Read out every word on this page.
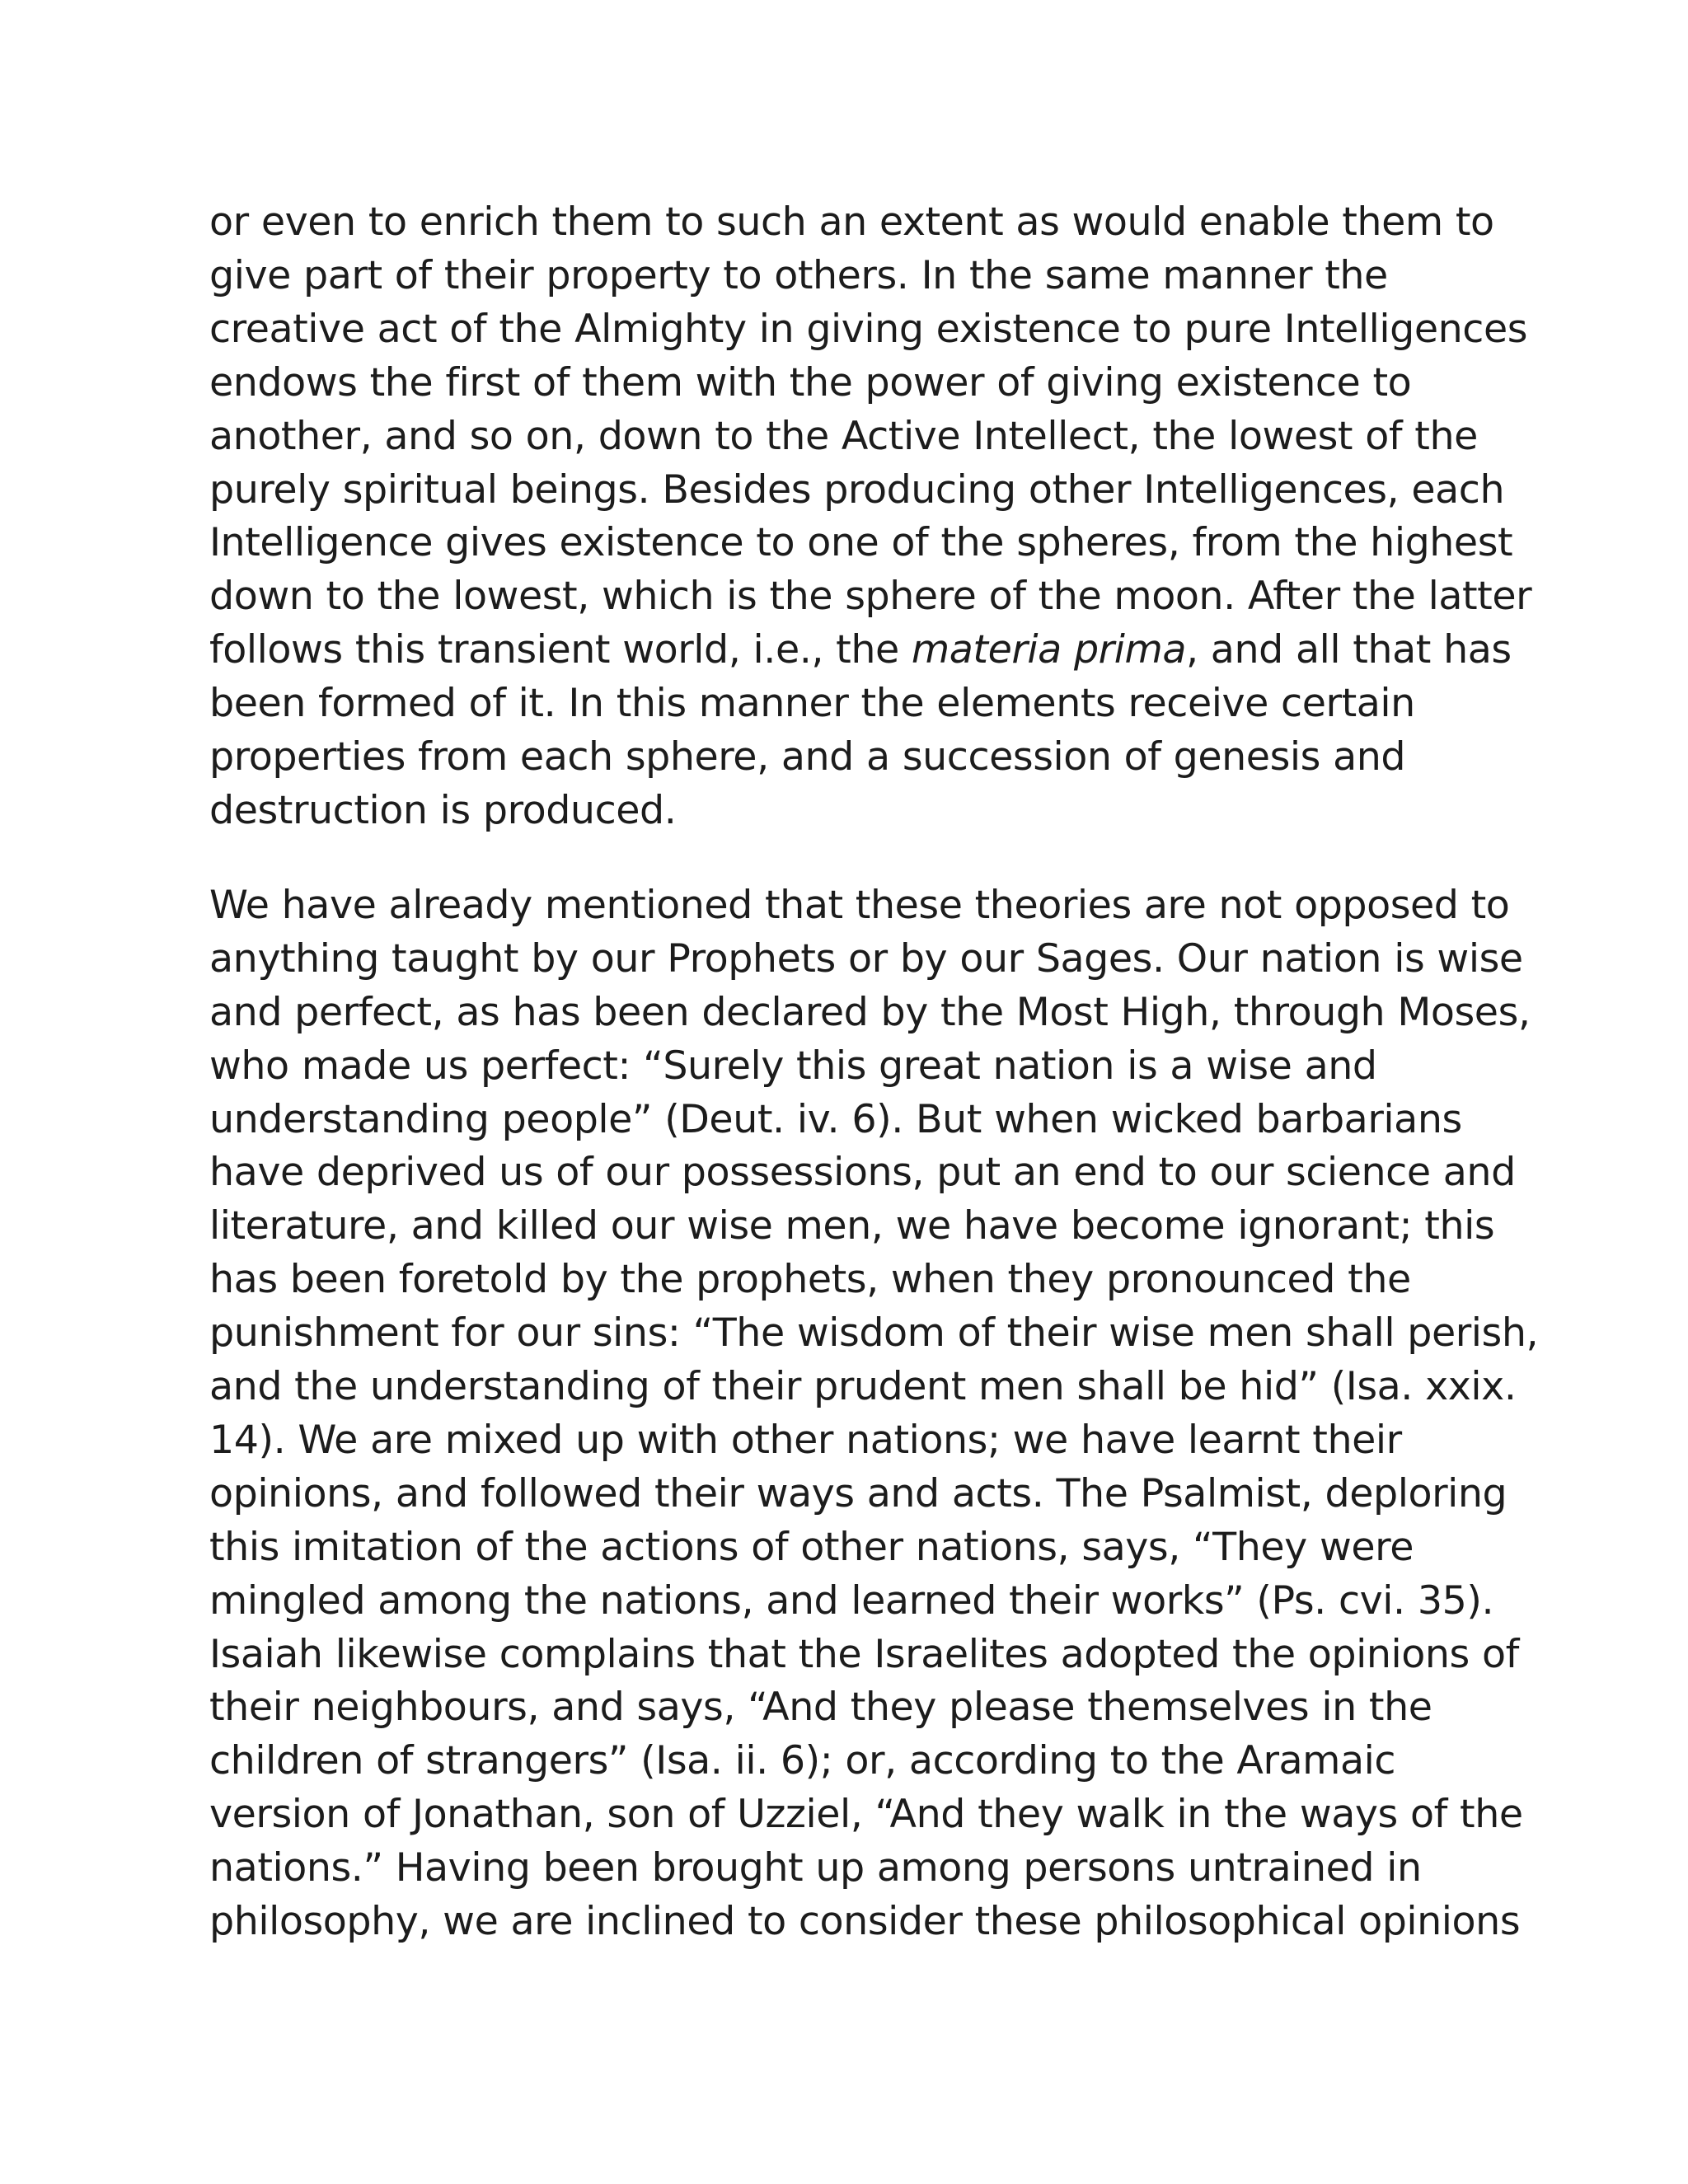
or even to enrich them to such an extent as would enable them to
give part of their property to others. In the same manner the
creative act of the Almighty in giving existence to pure Intelligences
endows the first of them with the power of giving existence to
another, and so on, down to the Active Intellect, the lowest of the
purely spiritual beings. Besides producing other Intelligences, each
Intelligence gives existence to one of the spheres, from the highest
down to the lowest, which is the sphere of the moon. After the latter
follows this transient world, i.e., the materia prima, and all that has
been formed of it. In this manner the elements receive certain
properties from each sphere, and a succession of genesis and
destruction is produced.

We have already mentioned that these theories are not opposed to
anything taught by our Prophets or by our Sages. Our nation is wise
and perfect, as has been declared by the Most High, through Moses,
who made us perfect: “Surely this great nation is a wise and
understanding people” (Deut. iv. 6). But when wicked barbarians
have deprived us of our possessions, put an end to our science and
literature, and killed our wise men, we have become ignorant; this
has been foretold by the prophets, when they pronounced the
punishment for our sins: “The wisdom of their wise men shall perish,
and the understanding of their prudent men shall be hid” (Isa. xxix.
14). We are mixed up with other nations; we have learnt their
opinions, and followed their ways and acts. The Psalmist, deploring
this imitation of the actions of other nations, says, “They were
mingled among the nations, and learned their works” (Ps. cvi. 35).
Isaiah likewise complains that the Israelites adopted the opinions of
their neighbours, and says, “And they please themselves in the
children of strangers” (Isa. ii. 6); or, according to the Aramaic
version of Jonathan, son of Uzziel, “And they walk in the ways of the
nations.” Having been brought up among persons untrained in
philosophy, we are inclined to consider these philosophical opinions
